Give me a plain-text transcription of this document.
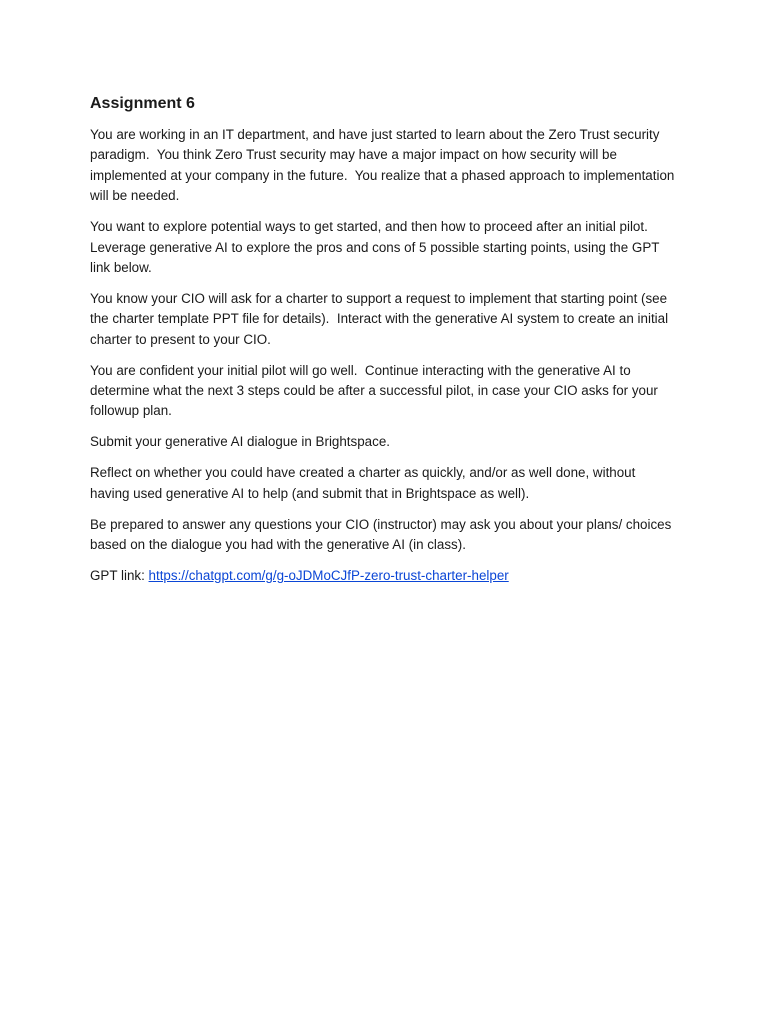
Assignment 6

You are working in an IT department, and have just started to learn about the Zero Trust security paradigm.  You think Zero Trust security may have a major impact on how security will be implemented at your company in the future.  You realize that a phased approach to implementation will be needed.

You want to explore potential ways to get started, and then how to proceed after an initial pilot.  Leverage generative AI to explore the pros and cons of 5 possible starting points, using the GPT link below.

You know your CIO will ask for a charter to support a request to implement that starting point (see the charter template PPT file for details).  Interact with the generative AI system to create an initial charter to present to your CIO.

You are confident your initial pilot will go well.  Continue interacting with the generative AI to determine what the next 3 steps could be after a successful pilot, in case your CIO asks for your followup plan.

Submit your generative AI dialogue in Brightspace.

Reflect on whether you could have created a charter as quickly, and/or as well done, without having used generative AI to help (and submit that in Brightspace as well).

Be prepared to answer any questions your CIO (instructor) may ask you about your plans/ choices based on the dialogue you had with the generative AI (in class).

GPT link: https://chatgpt.com/g/g-oJDMoCJfP-zero-trust-charter-helper
